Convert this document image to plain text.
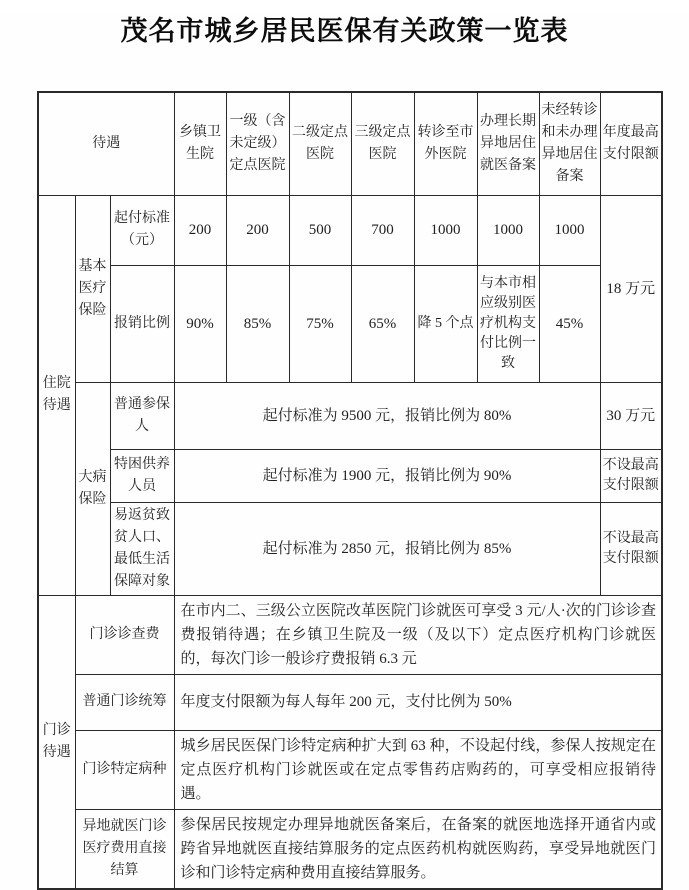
茂名市城乡居民医保有关政策一览表
待遇			乡镇卫生院	一级（含未定级）定点医院	二级定点医院	三级定点医院	转诊至市外医院	办理长期异地居住就医备案	未经转诊和未办理异地居住备案	年度最高支付限额
住院待遇	基本医疗保险	起付标准（元）	200	200	500	700	1000	1000	1000	18 万元
		报销比例	90%	85%	75%	65%	降 5 个点	与本市相应级别医疗机构支付比例一致	45%	
	大病保险	普通参保人	起付标准为 9500 元，报销比例为 80%							30 万元
		特困供养人员	起付标准为 1900 元，报销比例为 90%							不设最高支付限额
		易返贫致贫人口、最低生活保障对象	起付标准为 2850 元，报销比例为 85%							不设最高支付限额
门诊待遇	门诊诊查费		在市内二、三级公立医院改革医院门诊就医可享受 3 元/人·次的门诊诊查费报销待遇；在乡镇卫生院及一级（及以下）定点医疗机构门诊就医的，每次门诊一般诊疗费报销 6.3 元							
	普通门诊统筹		年度支付限额为每人每年 200 元，支付比例为 50%							
	门诊特定病种		城乡居民医保门诊特定病种扩大到 63 种，不设起付线，参保人按规定在定点医疗机构门诊就医或在定点零售药店购药的，可享受相应报销待遇。							
	异地就医门诊医疗费用直接结算		参保居民按规定办理异地就医备案后，在备案的就医地选择开通省内或跨省异地就医直接结算服务的定点医药机构就医购药，享受异地就医门诊和门诊特定病种费用直接结算服务。							
